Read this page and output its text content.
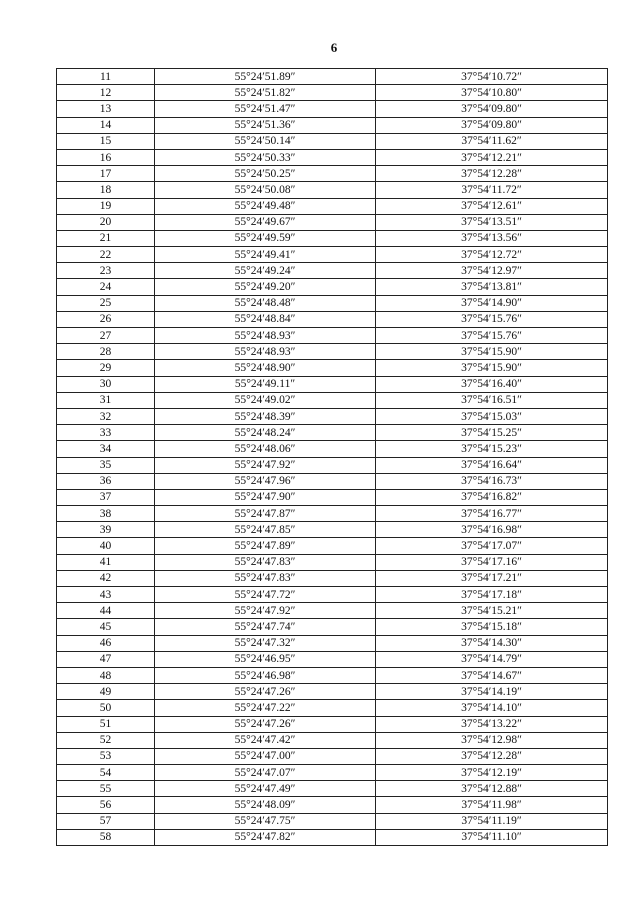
6
11	55°24′51.89″	37°54′10.72″
12	55°24′51.82″	37°54′10.80″
13	55°24′51.47″	37°54′09.80″
14	55°24′51.36″	37°54′09.80″
15	55°24′50.14″	37°54′11.62″
16	55°24′50.33″	37°54′12.21″
17	55°24′50.25″	37°54′12.28″
18	55°24′50.08″	37°54′11.72″
19	55°24′49.48″	37°54′12.61″
20	55°24′49.67″	37°54′13.51″
21	55°24′49.59″	37°54′13.56″
22	55°24′49.41″	37°54′12.72″
23	55°24′49.24″	37°54′12.97″
24	55°24′49.20″	37°54′13.81″
25	55°24′48.48″	37°54′14.90″
26	55°24′48.84″	37°54′15.76″
27	55°24′48.93″	37°54′15.76″
28	55°24′48.93″	37°54′15.90″
29	55°24′48.90″	37°54′15.90″
30	55°24′49.11″	37°54′16.40″
31	55°24′49.02″	37°54′16.51″
32	55°24′48.39″	37°54′15.03″
33	55°24′48.24″	37°54′15.25″
34	55°24′48.06″	37°54′15.23″
35	55°24′47.92″	37°54′16.64″
36	55°24′47.96″	37°54′16.73″
37	55°24′47.90″	37°54′16.82″
38	55°24′47.87″	37°54′16.77″
39	55°24′47.85″	37°54′16.98″
40	55°24′47.89″	37°54′17.07″
41	55°24′47.83″	37°54′17.16″
42	55°24′47.83″	37°54′17.21″
43	55°24′47.72″	37°54′17.18″
44	55°24′47.92″	37°54′15.21″
45	55°24′47.74″	37°54′15.18″
46	55°24′47.32″	37°54′14.30″
47	55°24′46.95″	37°54′14.79″
48	55°24′46.98″	37°54′14.67″
49	55°24′47.26″	37°54′14.19″
50	55°24′47.22″	37°54′14.10″
51	55°24′47.26″	37°54′13.22″
52	55°24′47.42″	37°54′12.98″
53	55°24′47.00″	37°54′12.28″
54	55°24′47.07″	37°54′12.19″
55	55°24′47.49″	37°54′12.88″
56	55°24′48.09″	37°54′11.98″
57	55°24′47.75″	37°54′11.19″
58	55°24′47.82″	37°54′11.10″
